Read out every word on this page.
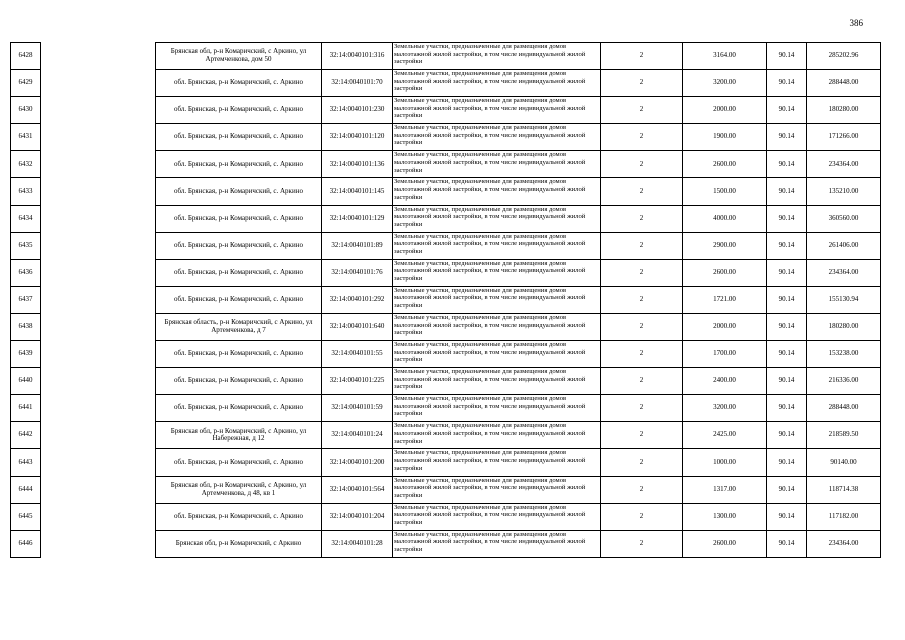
386
6428		Брянская обл, р-н Комаричский, с Аркино, ул Артемченкова, дом 50	32:14:0040101:316	Земельные участки, предназначенные для размещения домов малоэтажной жилой застройки, в том числе индивидуальной жилой застройки	2	3164.00	90.14	285202.96
6429		обл. Брянская, р-н Комаричский, с. Аркино	32:14:0040101:70	Земельные участки, предназначенные для размещения домов малоэтажной жилой застройки, в том числе индивидуальной жилой застройки	2	3200.00	90.14	288448.00
6430		обл. Брянская, р-н Комаричский, с. Аркино	32:14:0040101:230	Земельные участки, предназначенные для размещения домов малоэтажной жилой застройки, в том числе индивидуальной жилой застройки	2	2000.00	90.14	180280.00
6431		обл. Брянская, р-н Комаричский, с. Аркино	32:14:0040101:120	Земельные участки, предназначенные для размещения домов малоэтажной жилой застройки, в том числе индивидуальной жилой застройки	2	1900.00	90.14	171266.00
6432		обл. Брянская, р-н Комаричский, с. Аркино	32:14:0040101:136	Земельные участки, предназначенные для размещения домов малоэтажной жилой застройки, в том числе индивидуальной жилой застройки	2	2600.00	90.14	234364.00
6433		обл. Брянская, р-н Комаричский, с. Аркино	32:14:0040101:145	Земельные участки, предназначенные для размещения домов малоэтажной жилой застройки, в том числе индивидуальной жилой застройки	2	1500.00	90.14	135210.00
6434		обл. Брянская, р-н Комаричский, с. Аркино	32:14:0040101:129	Земельные участки, предназначенные для размещения домов малоэтажной жилой застройки, в том числе индивидуальной жилой застройки	2	4000.00	90.14	360560.00
6435		обл. Брянская, р-н Комаричский, с. Аркино	32:14:0040101:89	Земельные участки, предназначенные для размещения домов малоэтажной жилой застройки, в том числе индивидуальной жилой застройки	2	2900.00	90.14	261406.00
6436		обл. Брянская, р-н Комаричский, с. Аркино	32:14:0040101:76	Земельные участки, предназначенные для размещения домов малоэтажной жилой застройки, в том числе индивидуальной жилой застройки	2	2600.00	90.14	234364.00
6437		обл. Брянская, р-н Комаричский, с. Аркино	32:14:0040101:292	Земельные участки, предназначенные для размещения домов малоэтажной жилой застройки, в том числе индивидуальной жилой застройки	2	1721.00	90.14	155130.94
6438		Брянская область, р-н Комаричский, с Аркино, ул Артемченкова, д 7	32:14:0040101:640	Земельные участки, предназначенные для размещения домов малоэтажной жилой застройки, в том числе индивидуальной жилой застройки	2	2000.00	90.14	180280.00
6439		обл. Брянская, р-н Комаричский, с. Аркино	32:14:0040101:55	Земельные участки, предназначенные для размещения домов малоэтажной жилой застройки, в том числе индивидуальной жилой застройки	2	1700.00	90.14	153238.00
6440		обл. Брянская, р-н Комаричский, с. Аркино	32:14:0040101:225	Земельные участки, предназначенные для размещения домов малоэтажной жилой застройки, в том числе индивидуальной жилой застройки	2	2400.00	90.14	216336.00
6441		обл. Брянская, р-н Комаричский, с. Аркино	32:14:0040101:59	Земельные участки, предназначенные для размещения домов малоэтажной жилой застройки, в том числе индивидуальной жилой застройки	2	3200.00	90.14	288448.00
6442		Брянская обл, р-н Комаричский, с Аркино, ул Набережная, д 12	32:14:0040101:24	Земельные участки, предназначенные для размещения домов малоэтажной жилой застройки, в том числе индивидуальной жилой застройки	2	2425.00	90.14	218589.50
6443		обл. Брянская, р-н Комаричский, с. Аркино	32:14:0040101:200	Земельные участки, предназначенные для размещения домов малоэтажной жилой застройки, в том числе индивидуальной жилой застройки	2	1000.00	90.14	90140.00
6444		Брянская обл, р-н Комаричский, с Аркино, ул Артемченкова, д 48, кв 1	32:14:0040101:564	Земельные участки, предназначенные для размещения домов малоэтажной жилой застройки, в том числе индивидуальной жилой застройки	2	1317.00	90.14	118714.38
6445		обл. Брянская, р-н Комаричский, с. Аркино	32:14:0040101:204	Земельные участки, предназначенные для размещения домов малоэтажной жилой застройки, в том числе индивидуальной жилой застройки	2	1300.00	90.14	117182.00
6446		Брянская обл, р-н Комаричский, с Аркино	32:14:0040101:28	Земельные участки, предназначенные для размещения домов малоэтажной жилой застройки, в том числе индивидуальной жилой застройки	2	2600.00	90.14	234364.00
